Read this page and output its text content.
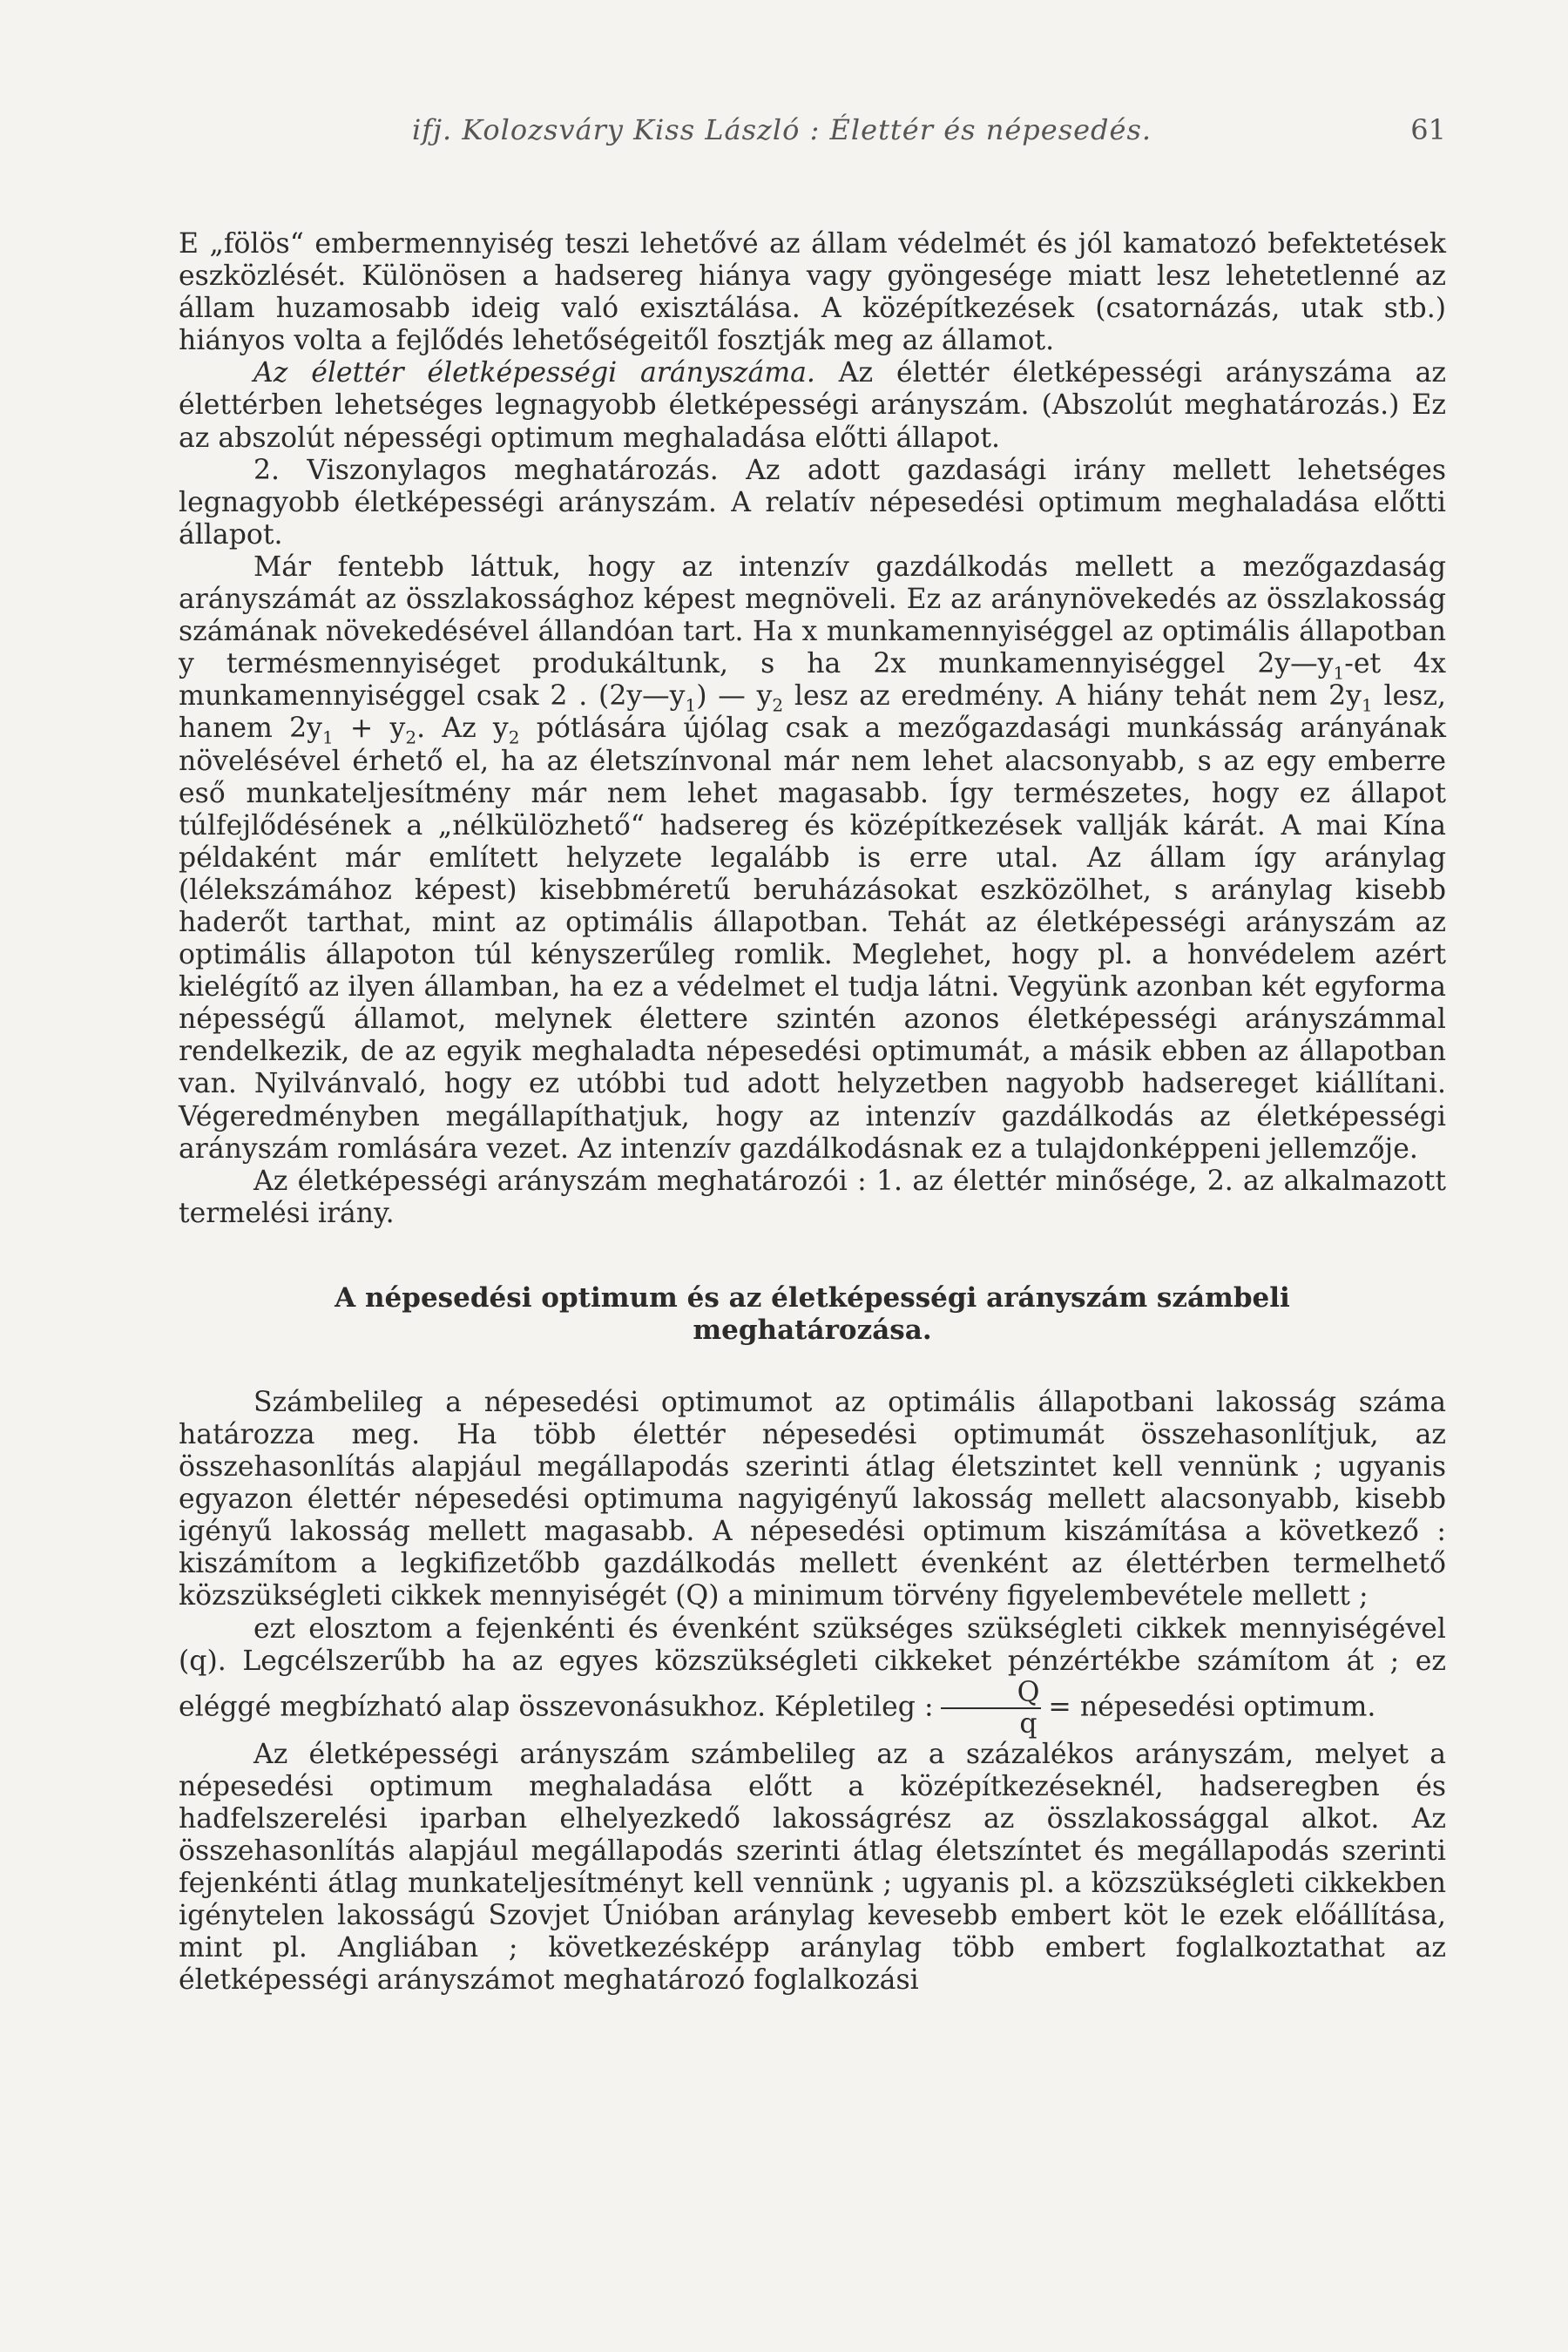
ifj. Kolozsváry Kiss László : Élettér és népesedés.	61

E „fölös“ embermennyiség teszi lehetővé az állam védelmét és jól kamatozó befektetések eszközlését. Különösen a hadsereg hiánya vagy gyöngesége miatt lesz lehetetlenné az állam huzamosabb ideig való exisztálása. A középítkezések (csatornázás, utak stb.) hiányos volta a fejlődés lehetőségeitől fosztják meg az államot.

Az élettér életképességi arányszáma. Az élettér életképességi arányszáma az élettérben lehetséges legnagyobb életképességi arányszám. (Abszolút meghatározás.) Ez az abszolút népességi optimum meghaladása előtti állapot.

2. Viszonylagos meghatározás. Az adott gazdasági irány mellett lehetséges legnagyobb életképességi arányszám. A relatív népesedési optimum meghaladása előtti állapot.

Már fentebb láttuk, hogy az intenzív gazdálkodás mellett a mezőgazdaság arányszámát az összlakossághoz képest megnöveli. Ez az aránynövekedés az összlakosság számának növekedésével állandóan tart. Ha x munkamennyiséggel az optimális állapotban y termésmennyiséget produkáltunk, s ha 2x munkamennyiséggel $2y—y_1-et$ 4x munkamennyiséggel csak 2 . $(2y—y_1)$ — $y_2$ lesz az eredmény. A hiány tehát nem $2y_1$ lesz, hanem $2y_1 + y_2$. Az $y_2$ pótlására újólag csak a mezőgazdasági munkásság arányának növelésével érhető el, ha az életszínvonal már nem lehet alacsonyabb, s az egy emberre eső munkateljesítmény már nem lehet magasabb. Így természetes, hogy ez állapot túlfejlődésének a „nélkülözhető“ hadsereg és középítkezések vallják kárát. A mai Kína példaként már említett helyzete legalább is erre utal. Az állam így aránylag (lélekszámához képest) kisebbméretű beruházásokat eszközölhet, s aránylag kisebb haderőt tarthat, mint az optimális állapotban. Tehát az életképességi arányszám az optimális állapoton túl kényszerűleg romlik. Meglehet, hogy pl. a honvédelem azért kielégítő az ilyen államban, ha ez a védelmet el tudja látni. Vegyünk azonban két egyforma népességű államot, melynek élettere szintén azonos életképességi arányszámmal rendelkezik, de az egyik meghaladta népesedési optimumát, a másik ebben az állapotban van. Nyilvánvaló, hogy ez utóbbi tud adott helyzetben nagyobb hadsereget kiállítani. Végeredményben megállapíthatjuk, hogy az intenzív gazdálkodás az életképességi arányszám romlására vezet. Az intenzív gazdálkodásnak ez a tulajdonképpeni jellemzője.

Az életképességi arányszám meghatározói : 1. az élettér minősége, 2. az alkalmazott termelési irány.

A népesedési optimum és az életképességi arányszám számbeli meghatározása.

Számbelileg a népesedési optimumot az optimális állapotbani lakosság száma határozza meg. Ha több élettér népesedési optimumát összehasonlítjuk, az összehasonlítás alapjául megállapodás szerinti átlag életszintet kell vennünk ; ugyanis egyazon élettér népesedési optimuma nagyigényű lakosság mellett alacsonyabb, kisebb igényű lakosság mellett magasabb. A népesedési optimum kiszámítása a következő : kiszámítom a legkifizetőbb gazdálkodás mellett évenként az élettérben termelhető közszükségleti cikkek mennyiségét (Q) a minimum törvény figyelembevétele mellett ;

ezt elosztom a fejenkénti és évenként szükséges szükségleti cikkek mennyiségével (q). Legcélszerűbb ha az egyes közszükségleti cikkeket pénzértékbe számítom át ; ez eléggé megbízható alap összevonásukhoz. Képletileg : $\frac{Q}{q}$ = népesedési optimum.

Az életképességi arányszám számbelileg az a százalékos arányszám, melyet a népesedési optimum meghaladása előtt a középítkezéseknél, hadseregben és hadfelszerelési iparban elhelyezkedő lakosságrész az összlakossággal alkot. Az összehasonlítás alapjául megállapodás szerinti átlag életszíntet és megállapodás szerinti fejenkénti átlag munkateljesítményt kell vennünk ; ugyanis pl. a közszükségleti cikkekben igénytelen lakosságú Szovjet Únióban aránylag kevesebb embert köt le ezek előállítása, mint pl. Angliában ; következésképp aránylag több embert foglalkoztathat az életképességi arányszámot meghatározó foglalkozási
